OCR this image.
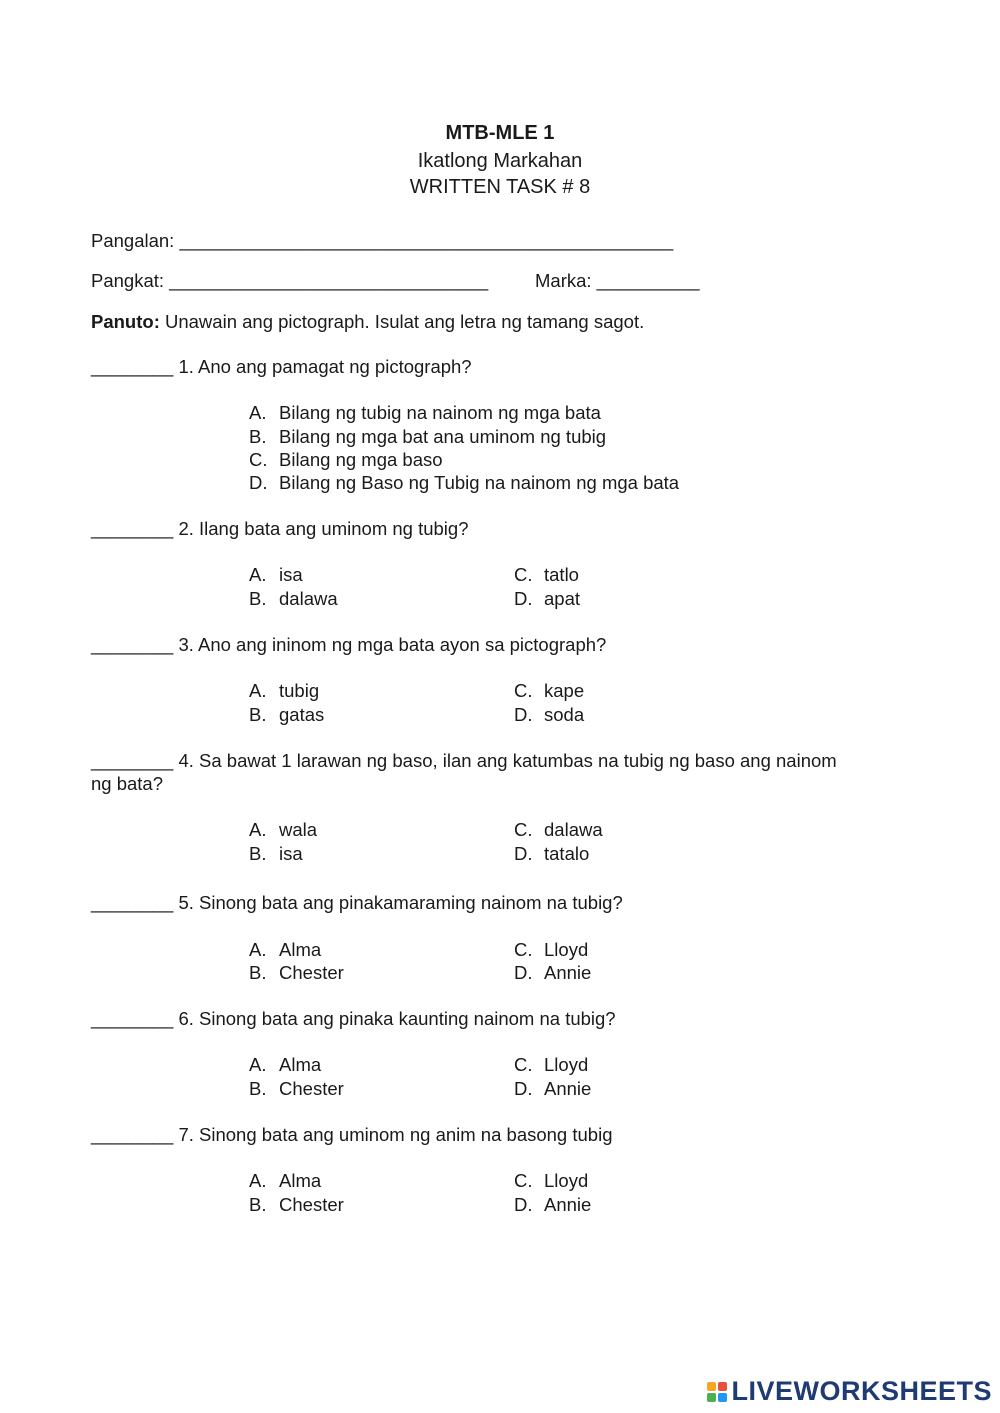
MTB-MLE 1
Ikatlong Markahan
WRITTEN TASK # 8
Pangalan: ________________________________________________
Pangkat: _______________________________	Marka: __________
Panuto: Unawain ang pictograph. Isulat ang letra ng tamang sagot.
________ 1. Ano ang pamagat ng pictograph?
A. Bilang ng tubig na nainom ng mga bata
B. Bilang ng mga bat ana uminom ng tubig
C. Bilang ng mga baso
D. Bilang ng Baso ng Tubig na nainom ng mga bata
________ 2. Ilang bata ang uminom ng tubig?
A. isa	C. tatlo
B. dalawa	D. apat
________ 3. Ano ang ininom ng mga bata ayon sa pictograph?
A. tubig	C. kape
B. gatas	D. soda
________ 4. Sa bawat 1 larawan ng baso, ilan ang katumbas na tubig ng baso ang nainom
ng bata?
A. wala	C. dalawa
B. isa	D. tatalo
________ 5. Sinong bata ang pinakamaraming nainom na tubig?
A. Alma	C. Lloyd
B. Chester	D. Annie
________ 6. Sinong bata ang pinaka kaunting nainom na tubig?
A. Alma	C. Lloyd
B. Chester	D. Annie
________ 7. Sinong bata ang uminom ng anim na basong tubig
A. Alma	C. Lloyd
B. Chester	D. Annie
LIVEWORKSHEETS
